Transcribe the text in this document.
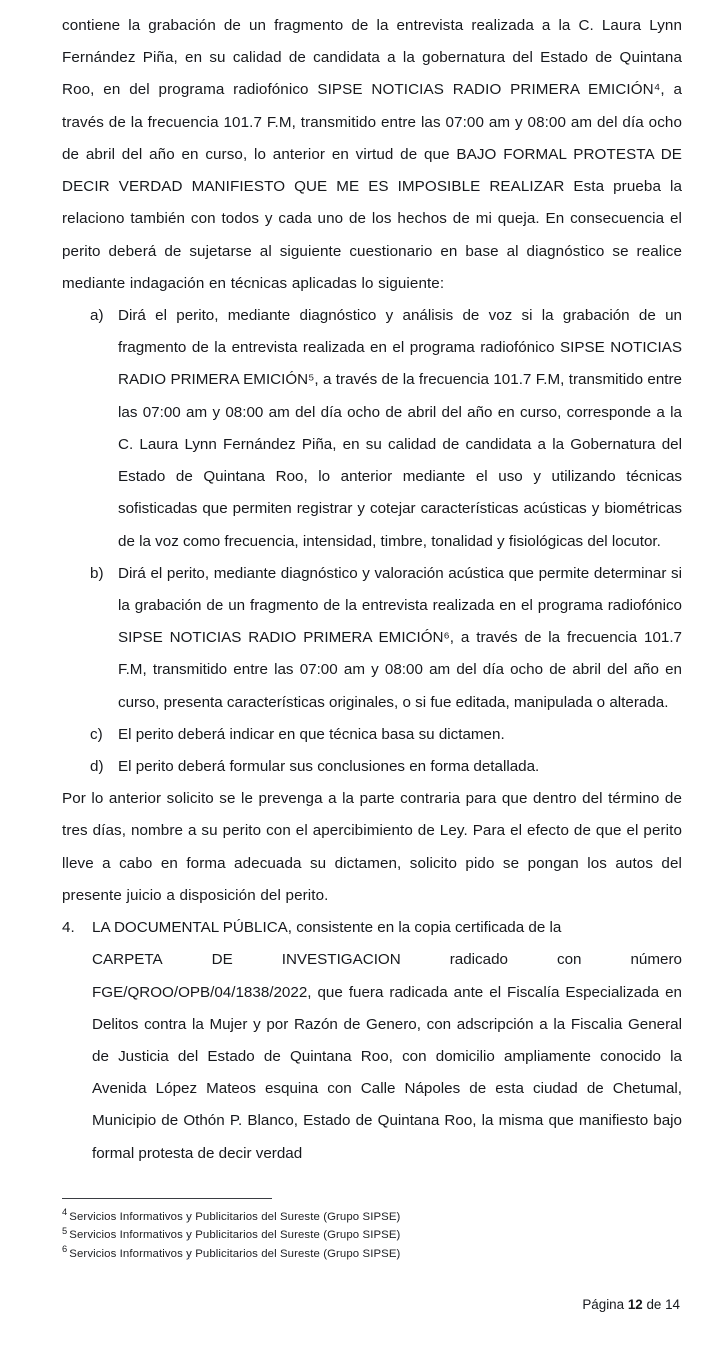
contiene la grabación de un fragmento de la entrevista realizada a la C. Laura Lynn Fernández Piña, en su calidad de candidata a la gobernatura del Estado de Quintana Roo, en del programa radiofónico SIPSE NOTICIAS RADIO PRIMERA EMICIÓN⁴, a través de la frecuencia 101.7 F.M, transmitido entre las 07:00 am y 08:00 am del día ocho de abril del año en curso, lo anterior en virtud de que BAJO FORMAL PROTESTA DE DECIR VERDAD MANIFIESTO QUE ME ES IMPOSIBLE REALIZAR Esta prueba la relaciono también con todos y cada uno de los hechos de mi queja. En consecuencia el perito deberá de sujetarse al siguiente cuestionario en base al diagnóstico se realice mediante indagación en técnicas aplicadas lo siguiente:

a) Dirá el perito, mediante diagnóstico y análisis de voz si la grabación de un fragmento de la entrevista realizada en el programa radiofónico SIPSE NOTICIAS RADIO PRIMERA EMICIÓN⁵, a través de la frecuencia 101.7 F.M, transmitido entre las 07:00 am y 08:00 am del día ocho de abril del año en curso, corresponde a la C. Laura Lynn Fernández Piña, en su calidad de candidata a la Gobernatura del Estado de Quintana Roo, lo anterior mediante el uso y utilizando técnicas sofisticadas que permiten registrar y cotejar características acústicas y biométricas de la voz como frecuencia, intensidad, timbre, tonalidad y fisiológicas del locutor.
b) Dirá el perito, mediante diagnóstico y valoración acústica que permite determinar si la grabación de un fragmento de la entrevista realizada en el programa radiofónico SIPSE NOTICIAS RADIO PRIMERA EMICIÓN⁶, a través de la frecuencia 101.7 F.M, transmitido entre las 07:00 am y 08:00 am del día ocho de abril del año en curso, presenta características originales, o si fue editada, manipulada o alterada.
c)	El perito deberá indicar en que técnica basa su dictamen.
d) El perito deberá formular sus conclusiones en forma detallada.

Por lo anterior solicito se le prevenga a la parte contraria para que dentro del término de tres días, nombre a su perito con el apercibimiento de Ley. Para el efecto de que el perito lleve a cabo en forma adecuada su dictamen, solicito pido se pongan los autos del presente juicio a disposición del perito.

4.	LA DOCUMENTAL PÚBLICA, consistente en la copia certificada de la
CARPETA	DE	INVESTIGACION	radicado	con	número
FGE/QROO/OPB/04/1838/2022, que fuera radicada ante el Fiscalía Especializada en Delitos contra la Mujer y por Razón de Genero, con adscripción a la Fiscalia General de Justicia del Estado de Quintana Roo, con domicilio ampliamente conocido la Avenida López Mateos esquina con Calle Nápoles de esta ciudad de Chetumal, Municipio de Othón P. Blanco, Estado de Quintana Roo, la misma que manifiesto bajo formal protesta de decir verdad
$^4$ Servicios Informativos y Publicitarios del Sureste (Grupo SIPSE)
$^5$ Servicios Informativos y Publicitarios del Sureste (Grupo SIPSE)
$^6$ Servicios Informativos y Publicitarios del Sureste (Grupo SIPSE)
Página 12 de 14
